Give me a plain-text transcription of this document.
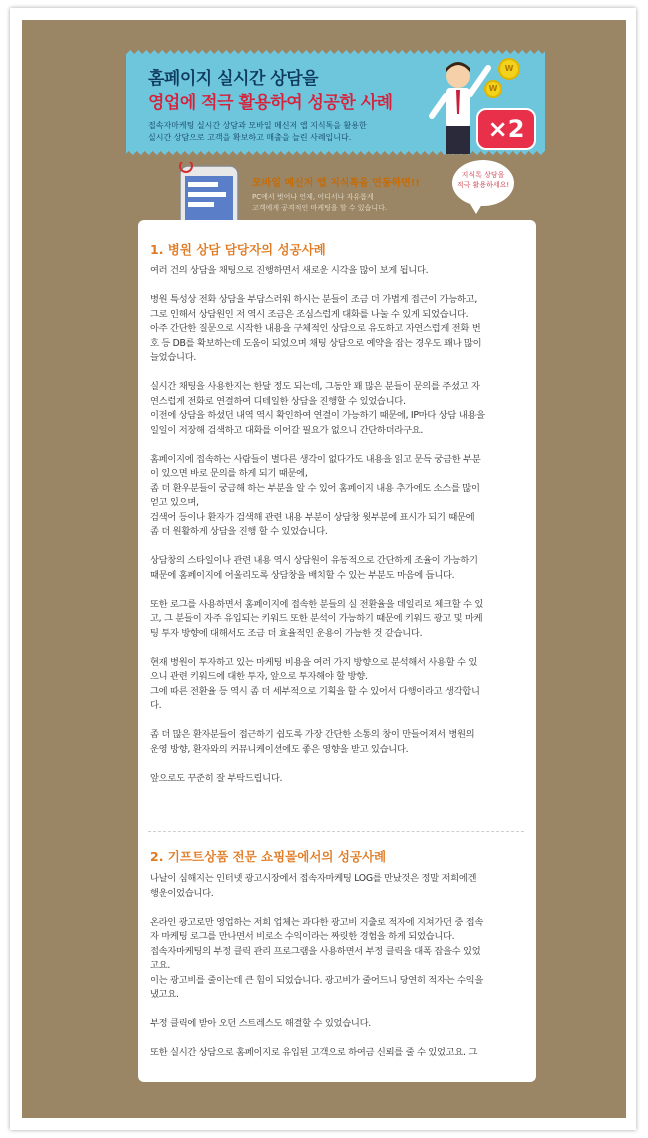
홈페이지 실시간 상담을
영업에 적극 활용하여 성공한 사례
접속자마케팅 실시간 상담과 모바일 메신저 앱 지식톡을 활용한
실시간 상담으로 고객을 확보하고 매출을 늘린 사례입니다.
W
W
×2
모바일 메신저 앱 지식톡을 연동하면!!
PC에서 벗어나 언제, 어디서나 자유롭게
고객에게 공격적인 마케팅을 할 수 있습니다.
지식톡 상담을
적극 활용하세요!
1. 병원 상담 담당자의 성공사례

여러 건의 상담을 채팅으로 진행하면서 새로운 시각을 많이 보게 됩니다.

병원 특성상 전화 상담을 부담스러워 하시는 분들이 조금 더 가볍게 접근이 가능하고,
그로 인해서 상담원인 저 역시 조금은 조심스럽게 대화를 나눌 수 있게 되었습니다.
아주 간단한 질문으로 시작한 내용을 구체적인 상담으로 유도하고 자연스럽게 전화 번
호 등 DB를 확보하는데 도움이 되었으며 채팅 상담으로 예약을 잡는 경우도 꽤나 많이
늘었습니다.

실시간 채팅을 사용한지는 한달 정도 되는데, 그동안 꽤 많은 분들이 문의를 주셨고 자
연스럽게 전화로 연결하여 디테일한 상담을 진행할 수 있었습니다.
이전에 상담을 하셨던 내역 역시 확인하여 연결이 가능하기 때문에, IP마다 상담 내용을
일일이 저장해 검색하고 대화를 이어갈 필요가 없으니 간단하더라구요.

홈페이지에 접속하는 사람들이 별다른 생각이 없다가도 내용을 읽고 문득 궁금한 부분
이 있으면 바로 문의를 하게 되기 때문에,
좀 더 환우분들이 궁금해 하는 부분을 알 수 있어 홈페이지 내용 추가에도 소스를 많이
얻고 있으며,
검색어 등이나 환자가 검색해 관련 내용 부분이 상담창 윗부분에 표시가 되기 때문에
좀 더 원활하게 상담을 진행 할 수 있었습니다.

상담창의 스타일이나 관련 내용 역시 상담원이 유동적으로 간단하게 조율이 가능하기
때문에 홈페이지에 어울리도록 상담창을 배치할 수 있는 부분도 마음에 듭니다.

또한 로그를 사용하면서 홈페이지에 접속한 분들의 실 전환율을 데일리로 체크할 수 있
고, 그 분들이 자주 유입되는 키워드 또한 분석이 가능하기 때문에 키워드 광고 및 마케
팅 투자 방향에 대해서도 조금 더 효율적인 운용이 가능한 것 같습니다.

현재 병원이 투자하고 있는 마케팅 비용을 여러 가지 방향으로 분석해서 사용할 수 있
으니 관련 키워드에 대한 투자, 앞으로 투자해야 할 방향.
그에 따른 전환율 등 역시 좀 더 세부적으로 기획을 할 수 있어서 다행이라고 생각합니
다.

좀 더 많은 환자분들이 접근하기 쉽도록 가장 간단한 소통의 창이 만들어져서 병원의
운영 방향, 환자와의 커뮤니케이션에도 좋은 영향을 받고 있습니다.

앞으로도 꾸준히 잘 부탁드립니다.

2. 기프트상품 전문 쇼핑몰에서의 성공사례

나날이 심해지는 인터넷 광고시장에서 접속자마케팅 LOG를 만났것은 정말 저희에겐
행운이었습니다.

온라인 광고로만 영업하는 저희 업체는 과다한 광고비 지출로 적자에 지쳐가던 중 접속
자 마케팅 로그를 만나면서 비로소 수익이라는 짜릿한 경험을 하게 되었습니다.
접속자마케팅의 부정 클릭 관리 프로그램을 사용하면서 부정 클릭을 대폭 잡을수 있었
고요.
이는 광고비를 줄이는데 큰 힘이 되었습니다. 광고비가 줄어드니 당연히 적자는 수익을
냈고요.

부정 클릭에 받아 오던 스트레스도 해결할 수 있었습니다.

또한 실시간 상담으로 홈페이지로 유입된 고객으로 하여금 신뢰를 줄 수 있었고요. 그
